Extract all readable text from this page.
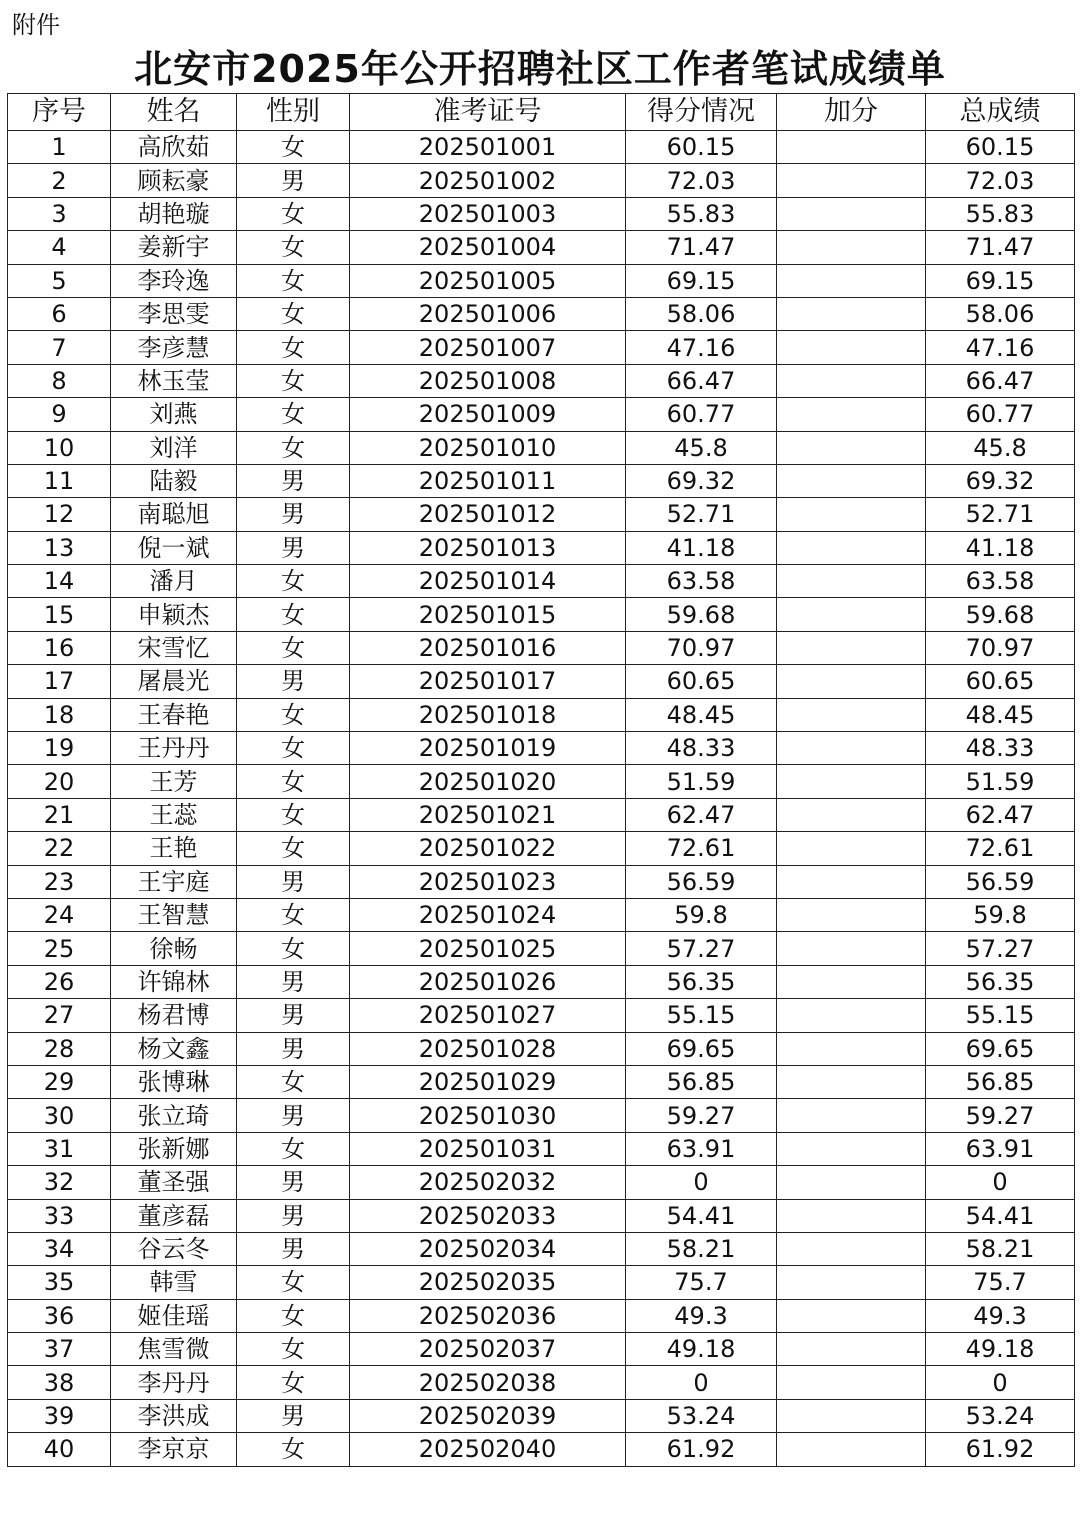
附件
北安市2025年公开招聘社区工作者笔试成绩单
序号	姓名	性别	准考证号	得分情况	加分	总成绩
1	高欣茹	女	202501001	60.15		60.15
2	顾耘豪	男	202501002	72.03		72.03
3	胡艳璇	女	202501003	55.83		55.83
4	姜新宇	女	202501004	71.47		71.47
5	李玲逸	女	202501005	69.15		69.15
6	李思雯	女	202501006	58.06		58.06
7	李彦慧	女	202501007	47.16		47.16
8	林玉莹	女	202501008	66.47		66.47
9	刘燕	女	202501009	60.77		60.77
10	刘洋	女	202501010	45.8		45.8
11	陆毅	男	202501011	69.32		69.32
12	南聪旭	男	202501012	52.71		52.71
13	倪一斌	男	202501013	41.18		41.18
14	潘月	女	202501014	63.58		63.58
15	申颖杰	女	202501015	59.68		59.68
16	宋雪忆	女	202501016	70.97		70.97
17	屠晨光	男	202501017	60.65		60.65
18	王春艳	女	202501018	48.45		48.45
19	王丹丹	女	202501019	48.33		48.33
20	王芳	女	202501020	51.59		51.59
21	王蕊	女	202501021	62.47		62.47
22	王艳	女	202501022	72.61		72.61
23	王宇庭	男	202501023	56.59		56.59
24	王智慧	女	202501024	59.8		59.8
25	徐畅	女	202501025	57.27		57.27
26	许锦林	男	202501026	56.35		56.35
27	杨君博	男	202501027	55.15		55.15
28	杨文鑫	男	202501028	69.65		69.65
29	张博琳	女	202501029	56.85		56.85
30	张立琦	男	202501030	59.27		59.27
31	张新娜	女	202501031	63.91		63.91
32	董圣强	男	202502032	0		0
33	董彦磊	男	202502033	54.41		54.41
34	谷云冬	男	202502034	58.21		58.21
35	韩雪	女	202502035	75.7		75.7
36	姬佳瑶	女	202502036	49.3		49.3
37	焦雪微	女	202502037	49.18		49.18
38	李丹丹	女	202502038	0		0
39	李洪成	男	202502039	53.24		53.24
40	李京京	女	202502040	61.92		61.92
